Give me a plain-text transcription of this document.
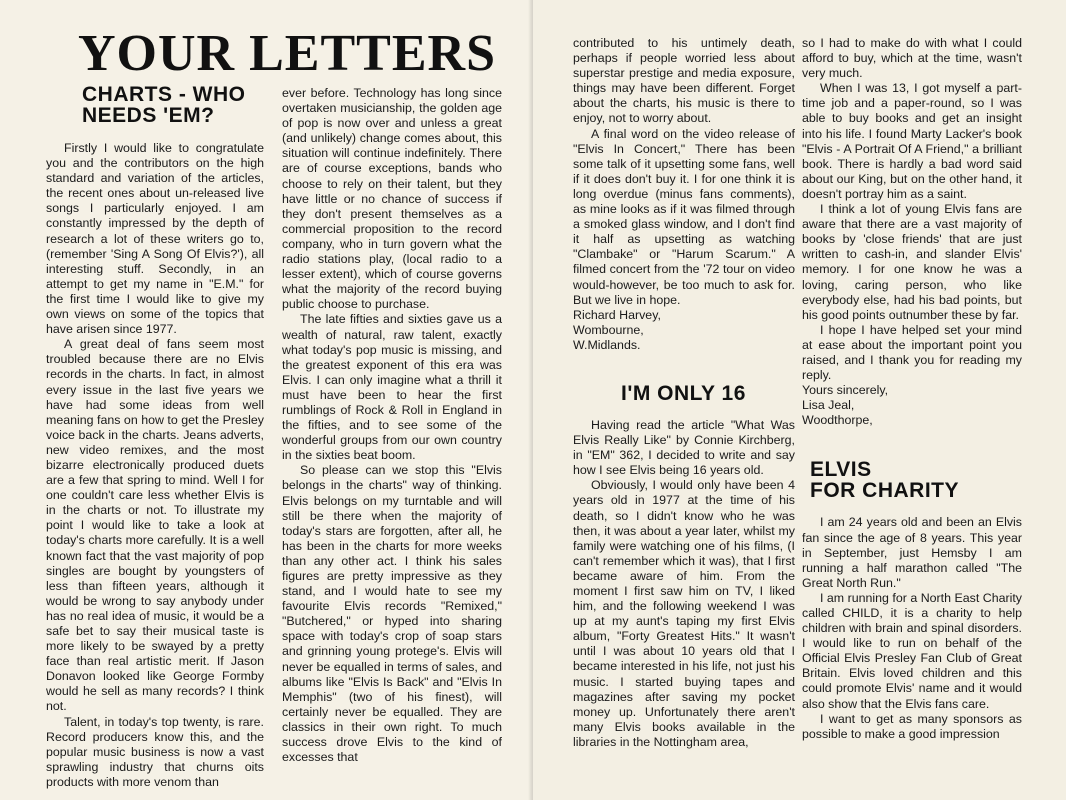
YOUR LETTERS
CHARTS - WHO
NEEDS 'EM?

Firstly I would like to congratulate you and the contributors on the high standard and variation of the articles, the recent ones about un-released live songs I particularly enjoyed. I am constantly impressed by the depth of research a lot of these writers go to, (remember 'Sing A Song Of Elvis?'), all interesting stuff. Secondly, in an attempt to get my name in "E.M." for the first time I would like to give my own views on some of the topics that have arisen since 1977.

A great deal of fans seem most troubled because there are no Elvis records in the charts. In fact, in almost every issue in the last five years we have had some ideas from well meaning fans on how to get the Presley voice back in the charts. Jeans adverts, new video remixes, and the most bizarre electronically produced duets are a few that spring to mind. Well I for one couldn't care less whether Elvis is in the charts or not. To illustrate my point I would like to take a look at today's charts more carefully. It is a well known fact that the vast majority of pop singles are bought by youngsters of less than fifteen years, although it would be wrong to say anybody under has no real idea of music, it would be a safe bet to say their musical taste is more likely to be swayed by a pretty face than real artistic merit. If Jason Donavon looked like George Formby would he sell as many records? I think not.

Talent, in today's top twenty, is rare. Record producers know this, and the popular music business is now a vast sprawling industry that churns oits products with more venom than

ever before. Technology has long since overtaken musicianship, the golden age of pop is now over and unless a great (and unlikely) change comes about, this situation will continue indefinitely. There are of course exceptions, bands who choose to rely on their talent, but they have little or no chance of success if they don't present themselves as a commercial proposition to the record company, who in turn govern what the radio stations play, (local radio to a lesser extent), which of course governs what the majority of the record buying public choose to purchase.

The late fifties and sixties gave us a wealth of natural, raw talent, exactly what today's pop music is missing, and the greatest exponent of this era was Elvis. I can only imagine what a thrill it must have been to hear the first rumblings of Rock & Roll in England in the fifties, and to see some of the wonderful groups from our own country in the sixties beat boom.

So please can we stop this "Elvis belongs in the charts" way of thinking. Elvis belongs on my turntable and will still be there when the majority of today's stars are forgotten, after all, he has been in the charts for more weeks than any other act. I think his sales figures are pretty impressive as they stand, and I would hate to see my favourite Elvis records "Remixed," "Butchered," or hyped into sharing space with today's crop of soap stars and grinning young protege's. Elvis will never be equalled in terms of sales, and albums like "Elvis Is Back" and "Elvis In Memphis" (two of his finest), will certainly never be equalled. They are classics in their own right. To much success drove Elvis to the kind of excesses that

contributed to his untimely death, perhaps if people worried less about superstar prestige and media exposure, things may have been different. Forget about the charts, his music is there to enjoy, not to worry about.

A final word on the video release of "Elvis In Concert," There has been some talk of it upsetting some fans, well if it does don't buy it. I for one think it is long overdue (minus fans comments), as mine looks as if it was filmed through a smoked glass window, and I don't find it half as upsetting as watching "Clambake" or "Harum Scarum." A filmed concert from the '72 tour on video would-however, be too much to ask for. But we live in hope.

Richard Harvey,

Wombourne,

W.Midlands.

I'M ONLY 16

Having read the article "What Was Elvis Really Like" by Connie Kirchberg, in "EM" 362, I decided to write and say how I see Elvis being 16 years old.

Obviously, I would only have been 4 years old in 1977 at the time of his death, so I didn't know who he was then, it was about a year later, whilst my family were watching one of his films, (I can't remember which it was), that I first became aware of him. From the moment I first saw him on TV, I liked him, and the following weekend I was up at my aunt's taping my first Elvis album, "Forty Greatest Hits." It wasn't until I was about 10 years old that I became interested in his life, not just his music. I started buying tapes and magazines after saving my pocket money up. Unfortunately there aren't many Elvis books available in the libraries in the Nottingham area,

so I had to make do with what I could afford to buy, which at the time, wasn't very much.

When I was 13, I got myself a part-time job and a paper-round, so I was able to buy books and get an insight into his life. I found Marty Lacker's book "Elvis - A Portrait Of A Friend," a brilliant book. There is hardly a bad word said about our King, but on the other hand, it doesn't portray him as a saint.

I think a lot of young Elvis fans are aware that there are a vast majority of books by 'close friends' that are just written to cash-in, and slander Elvis' memory. I for one know he was a loving, caring person, who like everybody else, had his bad points, but his good points outnumber these by far.

I hope I have helped set your mind at ease about the important point you raised, and I thank you for reading my reply.

Yours sincerely,

Lisa Jeal,

Woodthorpe,

ELVIS
FOR CHARITY

I am 24 years old and been an Elvis fan since the age of 8 years. This year in September, just Hemsby I am running a half marathon called "The Great North Run."

I am running for a North East Charity called CHILD, it is a charity to help children with brain and spinal disorders. I would like to run on behalf of the Official Elvis Presley Fan Club of Great Britain. Elvis loved children and this could promote Elvis' name and it would also show that the Elvis fans care.

I want to get as many sponsors as possible to make a good impression
